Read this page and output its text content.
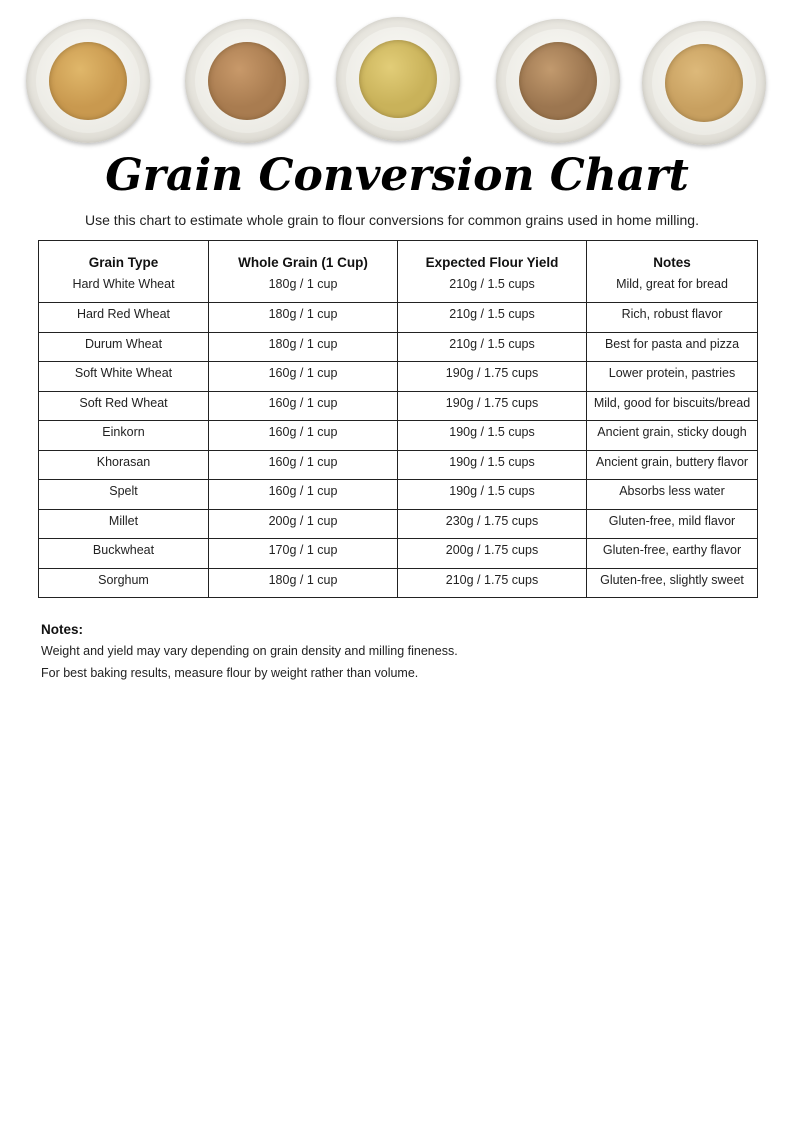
Grain Conversion Chart
Use this chart to estimate whole grain to flour conversions for common grains used in home milling.
Grain Type	Whole Grain (1 Cup)	Expected Flour Yield	Notes
Hard White Wheat	180g / 1 cup	210g / 1.5 cups	Mild, great for bread
Hard Red Wheat	180g / 1 cup	210g / 1.5 cups	Rich, robust flavor
Durum Wheat	180g / 1 cup	210g / 1.5 cups	Best for pasta and pizza
Soft White Wheat	160g / 1 cup	190g / 1.75 cups	Lower protein, pastries
Soft Red Wheat	160g / 1 cup	190g / 1.75 cups	Mild, good for biscuits/bread
Einkorn	160g / 1 cup	190g / 1.5 cups	Ancient grain, sticky dough
Khorasan	160g / 1 cup	190g / 1.5 cups	Ancient grain, buttery flavor
Spelt	160g / 1 cup	190g / 1.5 cups	Absorbs less water
Millet	200g / 1 cup	230g / 1.75 cups	Gluten-free, mild flavor
Buckwheat	170g / 1 cup	200g / 1.75 cups	Gluten-free, earthy flavor
Sorghum	180g / 1 cup	210g / 1.75 cups	Gluten-free, slightly sweet
Notes:
Weight and yield may vary depending on grain density and milling fineness.
For best baking results, measure flour by weight rather than volume.
